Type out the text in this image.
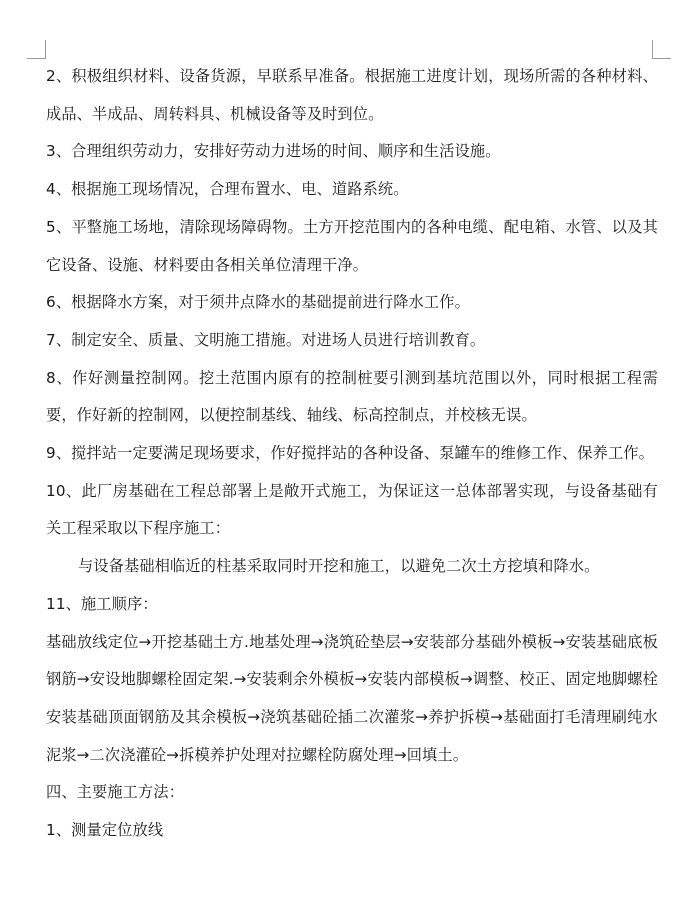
2、积极组织材料、设备货源，早联系早准备。根据施工进度计划，现场所需的各种材料、成品、半成品、周转料具、机械设备等及时到位。

3、合理组织劳动力，安排好劳动力进场的时间、顺序和生活设施。

4、根据施工现场情况，合理布置水、电、道路系统。

5、平整施工场地，清除现场障碍物。土方开挖范围内的各种电缆、配电箱、水管、以及其它设备、设施、材料要由各相关单位清理干净。

6、根据降水方案，对于须井点降水的基础提前进行降水工作。

7、制定安全、质量、文明施工措施。对进场人员进行培训教育。

8、作好测量控制网。挖土范围内原有的控制桩要引测到基坑范围以外，同时根据工程需要，作好新的控制网，以便控制基线、轴线、标高控制点，并校核无误。

9、搅拌站一定要满足现场要求，作好搅拌站的各种设备、泵罐车的维修工作、保养工作。

10、此厂房基础在工程总部署上是敞开式施工，为保证这一总体部署实现，与设备基础有关工程采取以下程序施工：

与设备基础相临近的柱基采取同时开挖和施工，以避免二次土方挖填和降水。

11、施工顺序：

基础放线定位→开挖基础土方.地基处理→浇筑砼垫层→安装部分基础外模板→安装基础底板钢筋→安设地脚螺栓固定架.→安装剩余外模板→安装内部模板→调整、校正、固定地脚螺栓安装基础顶面钢筋及其余模板→浇筑基础砼插二次灌浆→养护拆模→基础面打毛清理刷纯水泥浆→二次浇灌砼→拆模养护处理对拉螺栓防腐处理→回填土。

四、主要施工方法：

1、测量定位放线
